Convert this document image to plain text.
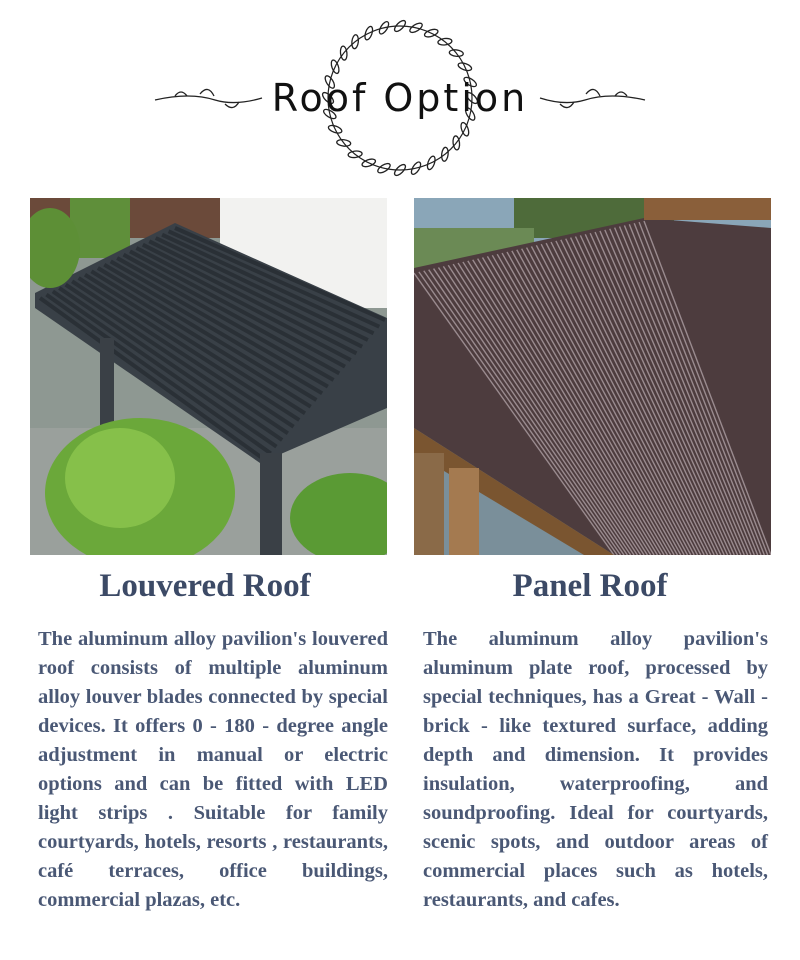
Roof Option
Louvered Roof	Panel Roof
The aluminum alloy pavilion's louvered roof consists of multiple aluminum alloy louver blades connected by special devices. It offers 0 - 180 - degree angle adjustment in manual or electric options and can be fitted with LED light strips . Suitable for family courtyards, hotels, resorts , restaurants, café terraces, office buildings, commercial plazas, etc.
The aluminum alloy pavilion's aluminum plate roof, processed by special techniques, has a Great - Wall - brick - like textured surface, adding depth and dimension. It provides insulation, waterproofing, and soundproofing. Ideal for courtyards, scenic spots, and outdoor areas of commercial places such as hotels, restaurants, and cafes.
